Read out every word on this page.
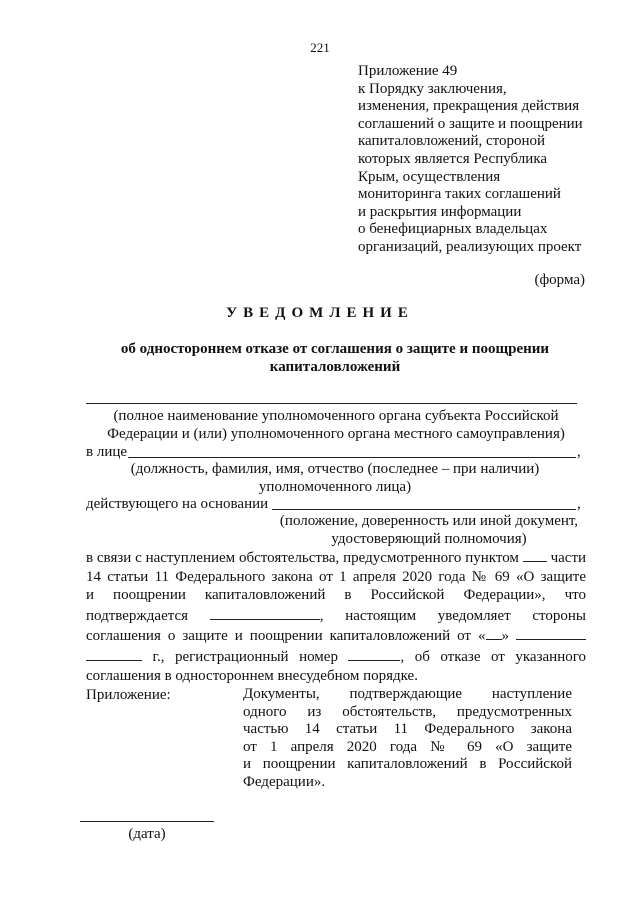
221
Приложение 49
к Порядку заключения,
изменения, прекращения действия
соглашений о защите и поощрении
капиталовложений, стороной
которых является Республика
Крым, осуществления
мониторинга таких соглашений
и раскрытия информации
о бенефициарных владельцах
организаций, реализующих проект
(форма)
УВЕДОМЛЕНИЕ
об одностороннем отказе от соглашения о защите и поощрении капиталовложений
(полное наименование уполномоченного органа субъекта Российской Федерации и (или) уполномоченного органа местного самоуправления)
в лице	,
(должность, фамилия, имя, отчество (последнее – при наличии) уполномоченного лица)
действующего на основании	,
(положение, доверенность или иной документ, удостоверяющий полномочия)
в связи с наступлением обстоятельства, предусмотренного пунктом части
14 статьи 11 Федерального закона от 1 апреля 2020 года № 69 «О защите
и поощрении капиталовложений в Российской Федерации», что
подтверждается	, настоящим уведомляет стороны
соглашения о защите и поощрении капиталовложений от « »
г., регистрационный номер	, об отказе от указанного
соглашения в одностороннем внесудебном порядке.
Приложение:	Документы, подтверждающие наступление
одного из обстоятельств, предусмотренных
частью 14 статьи 11 Федерального закона
от 1 апреля 2020 года № 69 «О защите
и поощрении капиталовложений в Российской
Федерации».
(дата)
